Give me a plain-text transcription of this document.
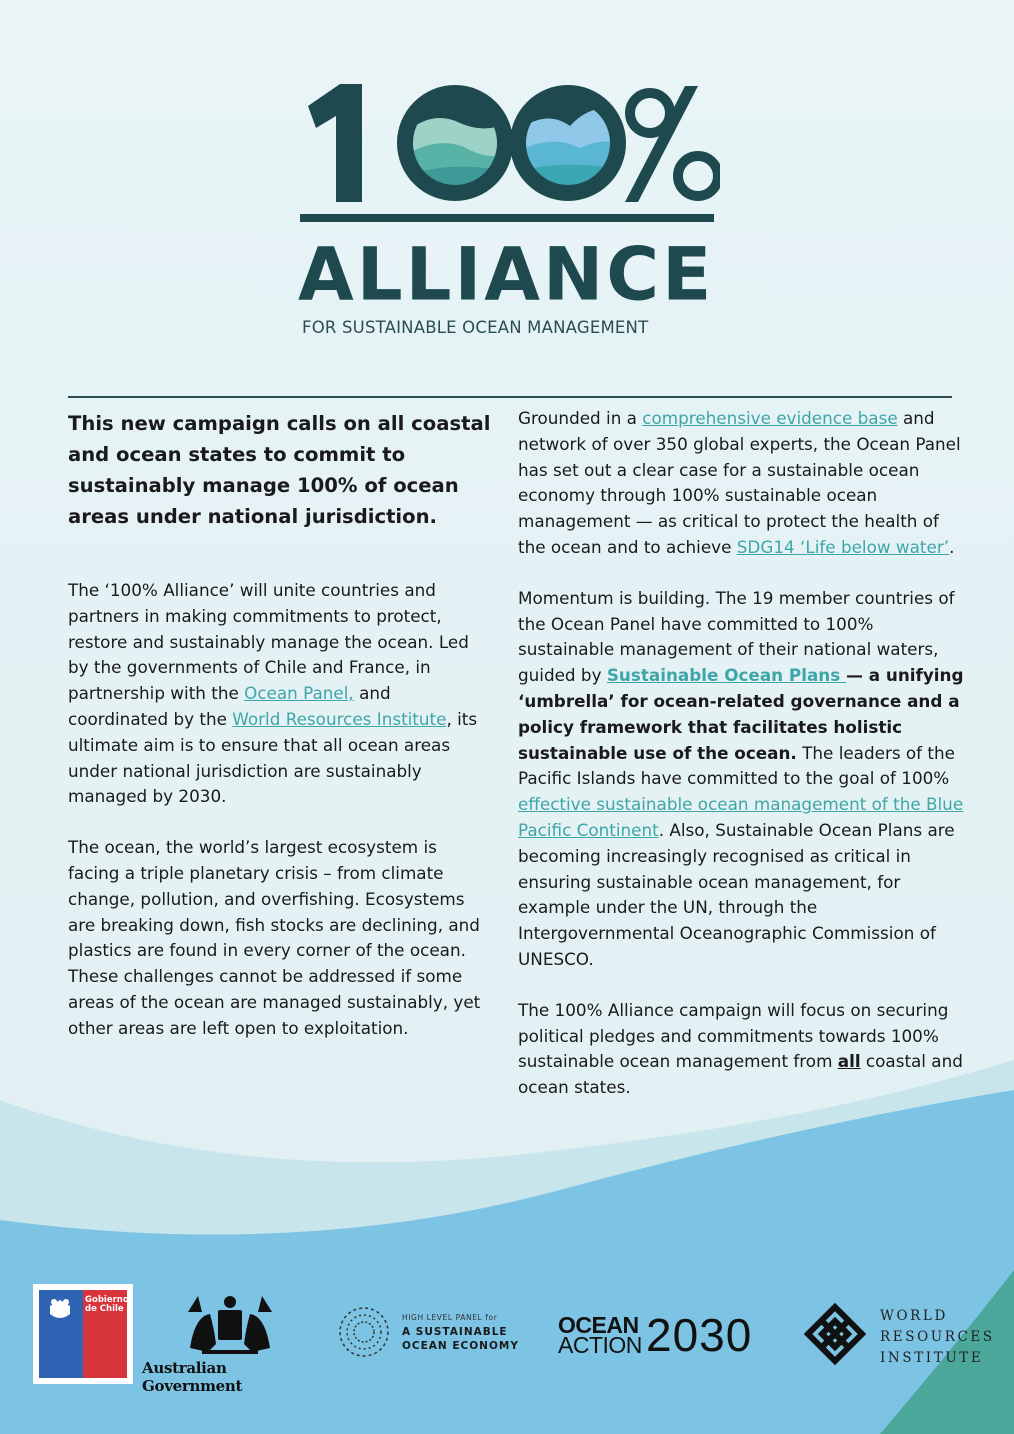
ALLIANCE
FOR SUSTAINABLE OCEAN MANAGEMENT

This new campaign calls on all coastal and ocean states to commit to sustainably manage 100% of ocean areas under national jurisdiction.

The ‘100% Alliance’ will unite countries and partners in making commitments to protect, restore and sustainably manage the ocean. Led by the governments of Chile and France, in partnership with the Ocean Panel, and coordinated by the World Resources Institute, its ultimate aim is to ensure that all ocean areas under national jurisdiction are sustainably managed by 2030.

The ocean, the world’s largest ecosystem is facing a triple planetary crisis – from climate change, pollution, and overfishing. Ecosystems are breaking down, fish stocks are declining, and plastics are found in every corner of the ocean. These challenges cannot be addressed if some areas of the ocean are managed sustainably, yet other areas are left open to exploitation.

Grounded in a comprehensive evidence base and network of over 350 global experts, the Ocean Panel has set out a clear case for a sustainable ocean economy through 100% sustainable ocean management — as critical to protect the health of the ocean and to achieve SDG14 ‘Life below water’.

Momentum is building. The 19 member countries of the Ocean Panel have committed to 100% sustainable management of their national waters, guided by Sustainable Ocean Plans — a unifying ‘umbrella’ for ocean-related governance and a policy framework that facilitates holistic sustainable use of the ocean. The leaders of the Pacific Islands have committed to the goal of 100% effective sustainable ocean management of the Blue Pacific Continent. Also, Sustainable Ocean Plans are becoming increasingly recognised as critical in ensuring sustainable ocean management, for example under the UN, through the Intergovernmental Oceanographic Commission of UNESCO.

The 100% Alliance campaign will focus on securing political pledges and commitments towards 100% sustainable ocean management from all coastal and ocean states.

Gobierno de Chile
Australian Government
HIGH LEVEL PANEL for
A SUSTAINABLE OCEAN ECONOMY
OCEAN
ACTION 2030	WORLD
RESOURCES
INSTITUTE
